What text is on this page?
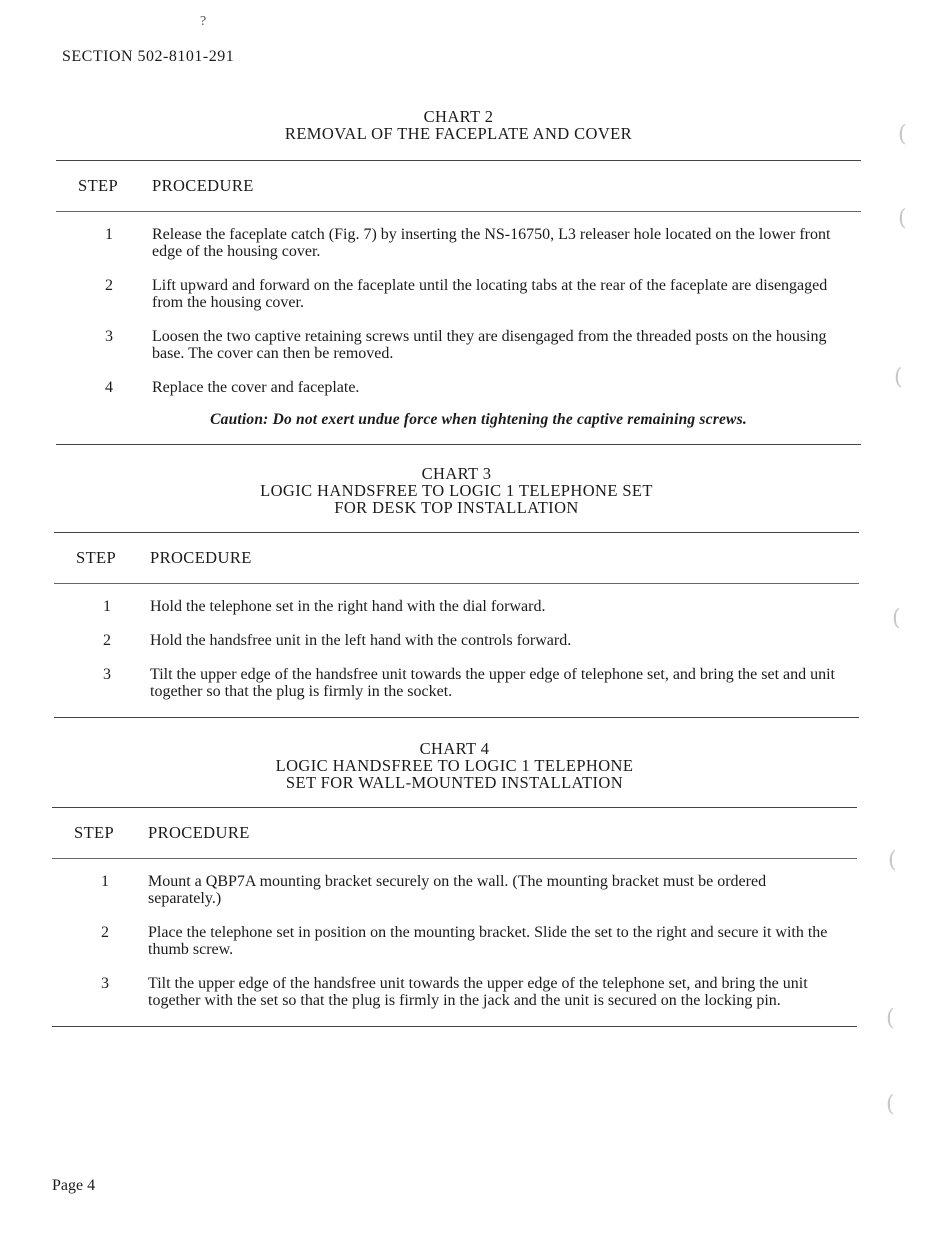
?
SECTION 502-8101-291
CHART 2
REMOVAL OF THE FACEPLATE AND COVER
STEP	PROCEDURE
1	Release the faceplate catch (Fig. 7) by inserting the NS-16750, L3 releaser hole located on the lower front edge of the housing cover.
2	Lift upward and forward on the faceplate until the locating tabs at the rear of the faceplate are disengaged from the housing cover.
3	Loosen the two captive retaining screws until they are disengaged from the threaded posts on the housing base. The cover can then be removed.
4	Replace the cover and faceplate.
Caution: Do not exert undue force when tightening the captive remaining screws.
CHART 3
LOGIC HANDSFREE TO LOGIC 1 TELEPHONE SET
FOR DESK TOP INSTALLATION
STEP	PROCEDURE
1	Hold the telephone set in the right hand with the dial forward.
2	Hold the handsfree unit in the left hand with the controls forward.
3	Tilt the upper edge of the handsfree unit towards the upper edge of telephone set, and bring the set and unit together so that the plug is firmly in the socket.
CHART 4
LOGIC HANDSFREE TO LOGIC 1 TELEPHONE
SET FOR WALL-MOUNTED INSTALLATION
STEP	PROCEDURE
1	Mount a QBP7A mounting bracket securely on the wall. (The mounting bracket must be ordered separately.)
2	Place the telephone set in position on the mounting bracket. Slide the set to the right and secure it with the thumb screw.
3	Tilt the upper edge of the handsfree unit towards the upper edge of the telephone set, and bring the unit together with the set so that the plug is firmly in the jack and the unit is secured on the locking pin.
Page 4
(
(
(
(
(
(
(
